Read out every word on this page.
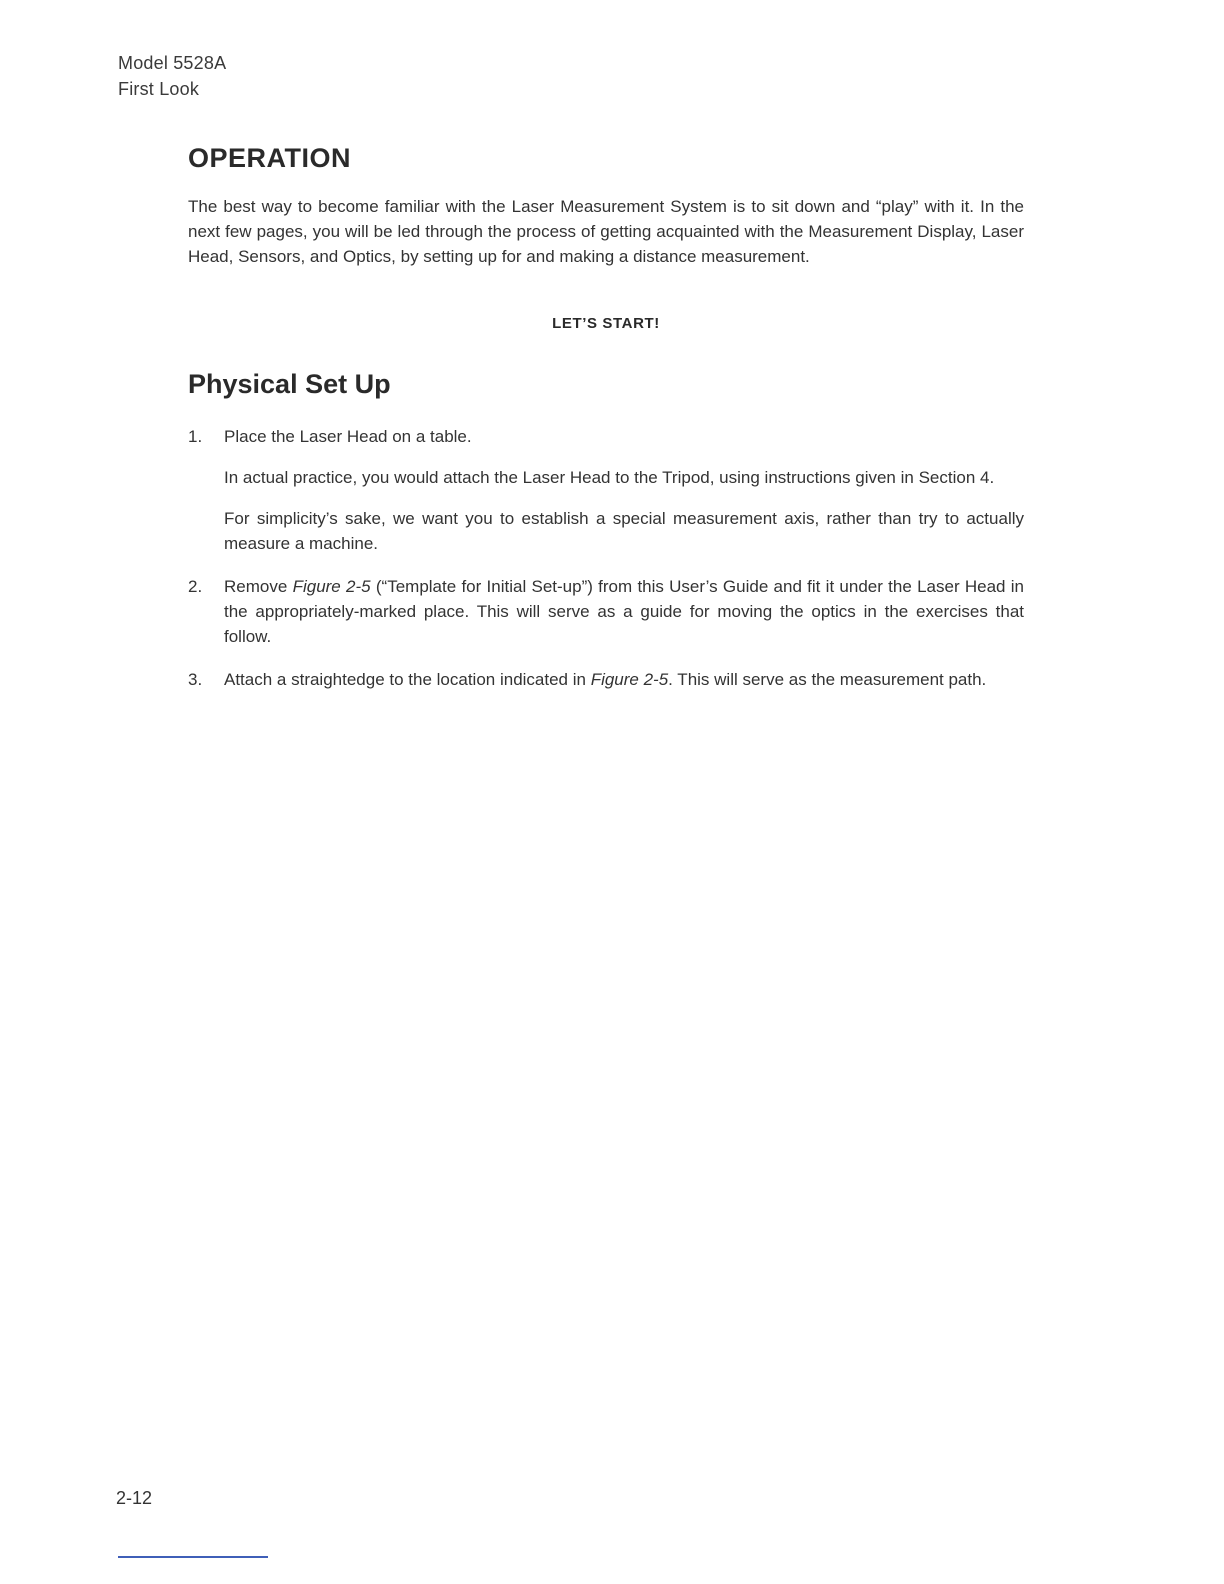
Model 5528A
First Look
OPERATION

The best way to become familiar with the Laser Measurement System is to sit down and “play” with it. In the next few pages, you will be led through the process of getting acquainted with the Measurement Display, Laser Head, Sensors, and Optics, by setting up for and making a distance measurement.

LET’S START!
Physical Set Up
1. Place the Laser Head on a table.

In actual practice, you would attach the Laser Head to the Tripod, using instructions given in Section 4.

For simplicity’s sake, we want you to establish a special measurement axis, rather than try to actually measure a machine.

2. Remove Figure 2-5 (“Template for Initial Set-up”) from this User’s Guide and fit it under the Laser Head in the appropriately-marked place. This will serve as a guide for moving the optics in the exercises that follow.

3. Attach a straightedge to the location indicated in Figure 2-5. This will serve as the measurement path.

2-12
